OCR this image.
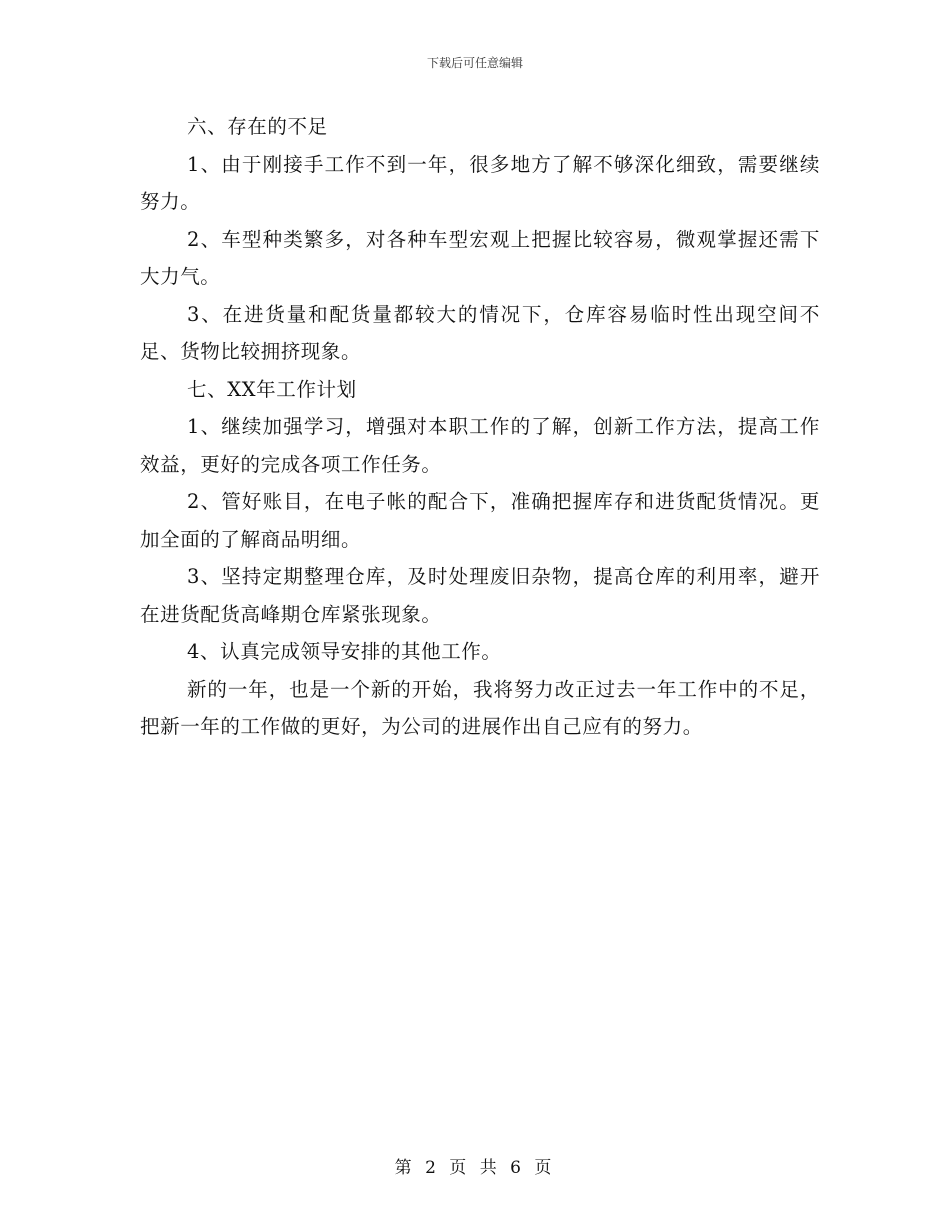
下载后可任意编辑

六、存在的不足

1、由于刚接手工作不到一年，很多地方了解不够深化细致，需要继续努力。

2、车型种类繁多，对各种车型宏观上把握比较容易，微观掌握还需下大力气。

3、在进货量和配货量都较大的情况下，仓库容易临时性出现空间不足、货物比较拥挤现象。

七、XX年工作计划

1、继续加强学习，增强对本职工作的了解，创新工作方法，提高工作效益，更好的完成各项工作任务。

2、管好账目，在电子帐的配合下，准确把握库存和进货配货情况。更加全面的了解商品明细。

3、坚持定期整理仓库，及时处理废旧杂物，提高仓库的利用率，避开在进货配货高峰期仓库紧张现象。

4、认真完成领导安排的其他工作。

新的一年，也是一个新的开始，我将努力改正过去一年工作中的不足，把新一年的工作做的更好，为公司的进展作出自己应有的努力。

第 2 页 共 6 页
